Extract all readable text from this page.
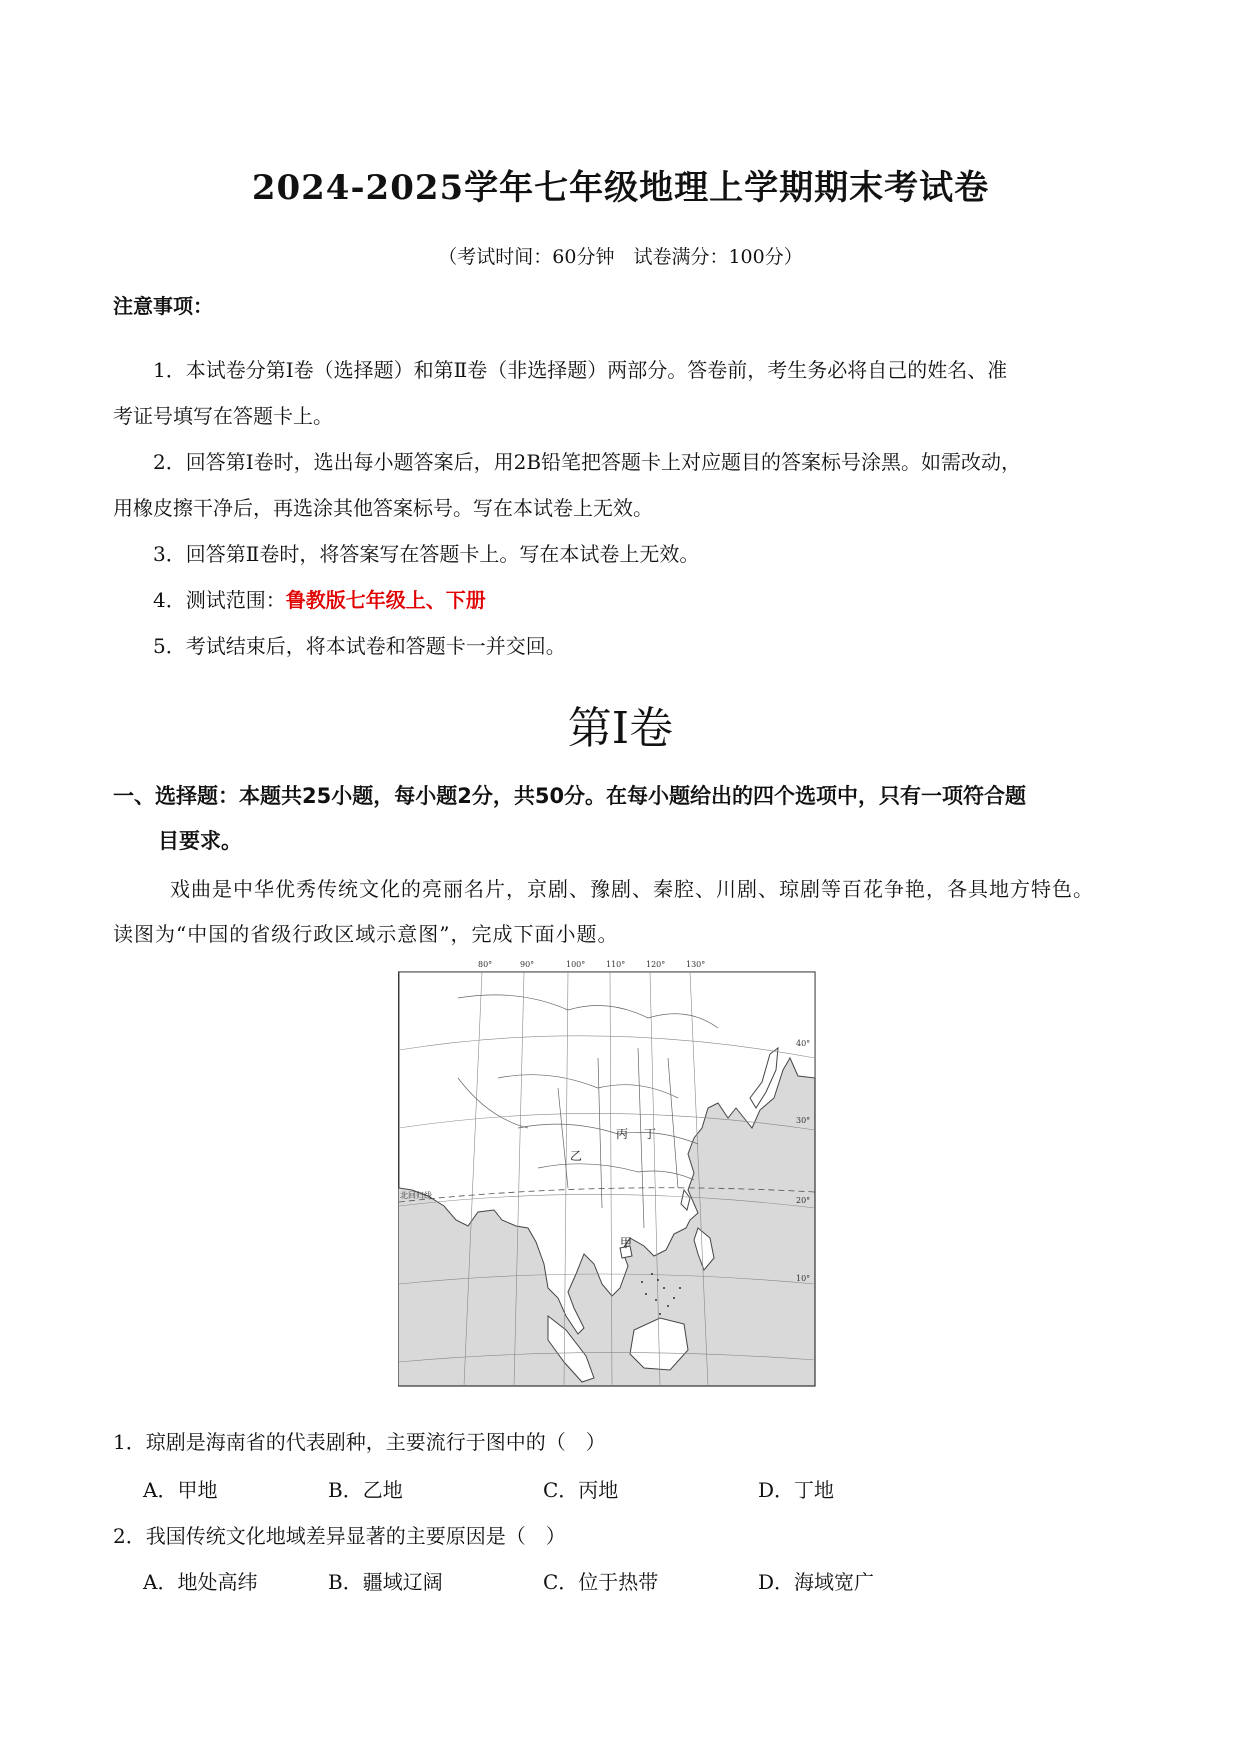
2024-2025学年七年级地理上学期期末考试卷
（考试时间：60分钟　试卷满分：100分）
注意事项：
1．本试卷分第Ⅰ卷（选择题）和第Ⅱ卷（非选择题）两部分。答卷前，考生务必将自己的姓名、准
考证号填写在答题卡上。
2．回答第Ⅰ卷时，选出每小题答案后，用2B铅笔把答题卡上对应题目的答案标号涂黑。如需改动，
用橡皮擦干净后，再选涂其他答案标号。写在本试卷上无效。
3．回答第Ⅱ卷时，将答案写在答题卡上。写在本试卷上无效。
4．测试范围：鲁教版七年级上、下册
5．考试结束后，将本试卷和答题卡一并交回。
第Ⅰ卷
一、选择题：本题共25小题，每小题2分，共50分。在每小题给出的四个选项中，只有一项符合题
目要求。
戏曲是中华优秀传统文化的亮丽名片，京剧、豫剧、秦腔、川剧、琼剧等百花争艳，各具地方特色。
读图为“中国的省级行政区域示意图”，完成下面小题。
80°	90°	100°	110°	120°	130°
北回归线
40°
30°
20°
10°
甲
乙
丙 丁
1．琼剧是海南省的代表剧种，主要流行于图中的（　）
A．甲地	B．乙地	C．丙地	D．丁地
2．我国传统文化地域差异显著的主要原因是（　）
A．地处高纬	B．疆域辽阔	C．位于热带	D．海域宽广
